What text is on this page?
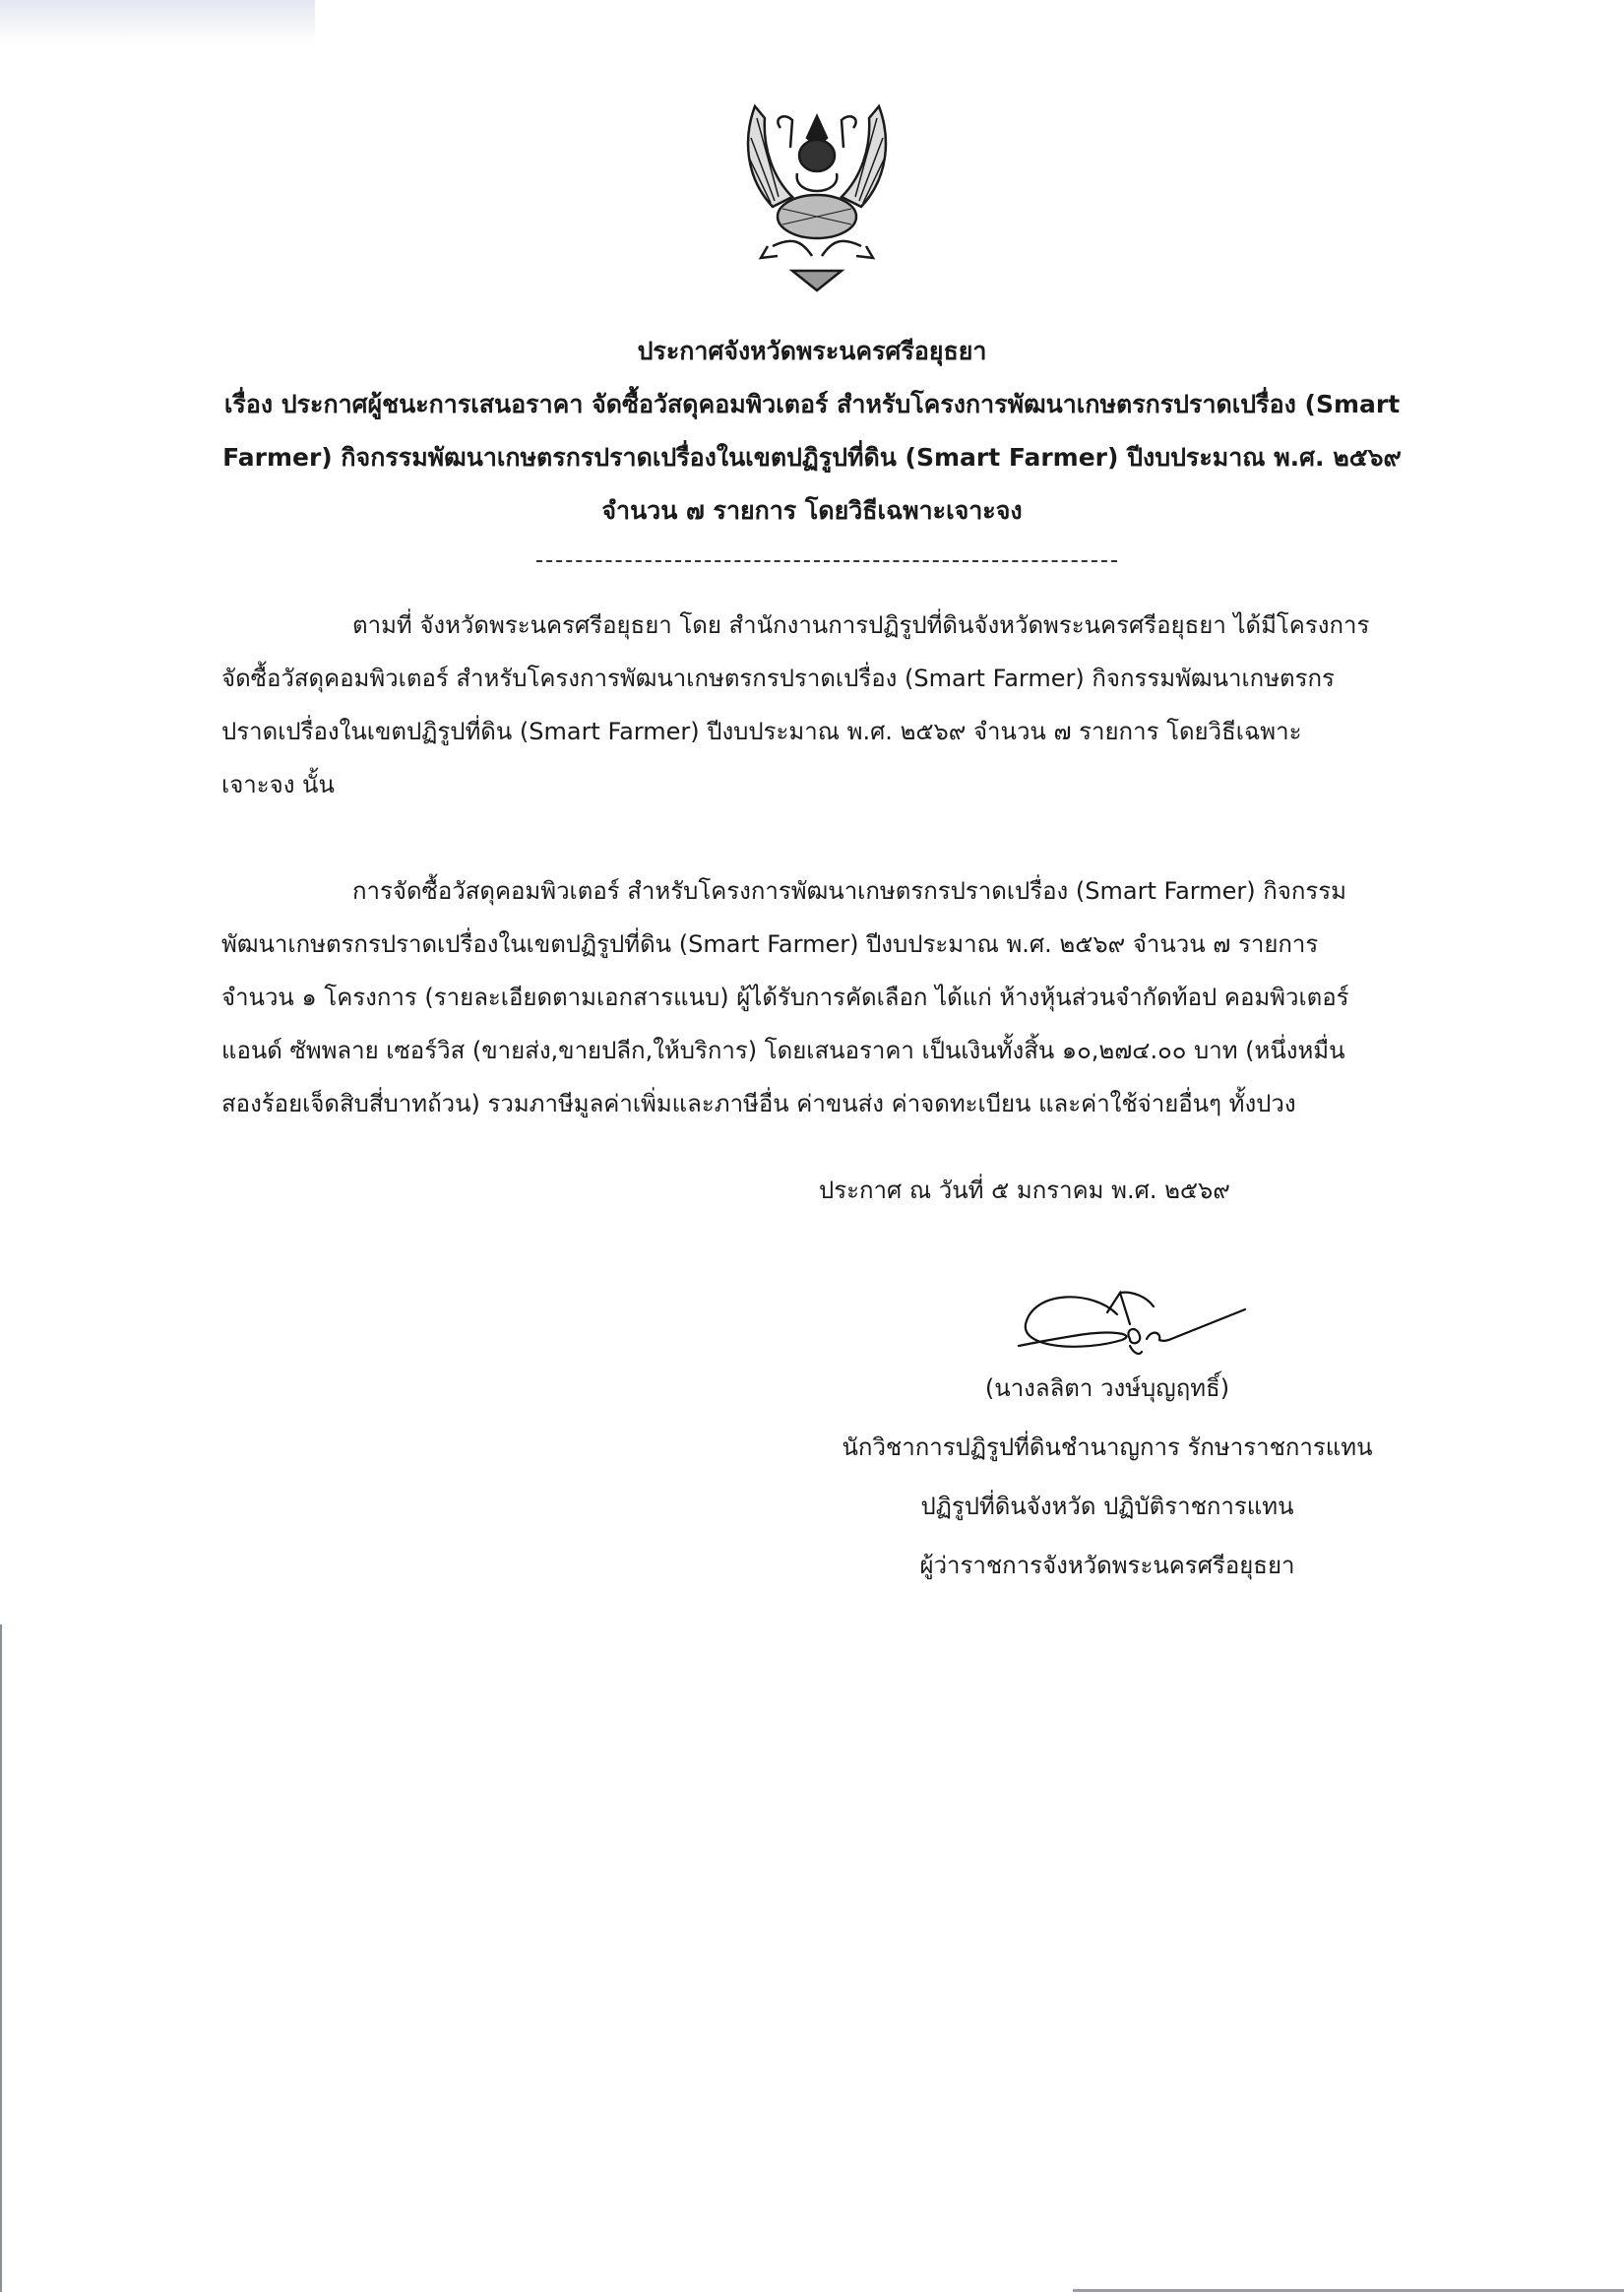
ประกาศจังหวัดพระนครศรีอยุธยา
เรื่อง ประกาศผู้ชนะการเสนอราคา จัดซื้อวัสดุคอมพิวเตอร์ สำหรับโครงการพัฒนาเกษตรกรปราดเปรื่อง (Smart
Farmer) กิจกรรมพัฒนาเกษตรกรปราดเปรื่องในเขตปฏิรูปที่ดิน (Smart Farmer) ปีงบประมาณ พ.ศ. ๒๕๖๙
จำนวน ๗ รายการ โดยวิธีเฉพาะเจาะจง
ตามที่ จังหวัดพระนครศรีอยุธยา โดย สำนักงานการปฏิรูปที่ดินจังหวัดพระนครศรีอยุธยา ได้มีโครงการ
จัดซื้อวัสดุคอมพิวเตอร์ สำหรับโครงการพัฒนาเกษตรกรปราดเปรื่อง (Smart Farmer) กิจกรรมพัฒนาเกษตรกร
ปราดเปรื่องในเขตปฏิรูปที่ดิน (Smart Farmer) ปีงบประมาณ พ.ศ. ๒๕๖๙ จำนวน ๗ รายการ โดยวิธีเฉพาะ
เจาะจง นั้น
การจัดซื้อวัสดุคอมพิวเตอร์ สำหรับโครงการพัฒนาเกษตรกรปราดเปรื่อง (Smart Farmer) กิจกรรม
พัฒนาเกษตรกรปราดเปรื่องในเขตปฏิรูปที่ดิน (Smart Farmer) ปีงบประมาณ พ.ศ. ๒๕๖๙ จำนวน ๗ รายการ
จำนวน ๑ โครงการ (รายละเอียดตามเอกสารแนบ) ผู้ได้รับการคัดเลือก ได้แก่ ห้างหุ้นส่วนจำกัดท้อป คอมพิวเตอร์
แอนด์ ซัพพลาย เซอร์วิส (ขายส่ง,ขายปลีก,ให้บริการ) โดยเสนอราคา เป็นเงินทั้งสิ้น ๑๐,๒๗๔.๐๐ บาท (หนึ่งหมื่น
สองร้อยเจ็ดสิบสี่บาทถ้วน) รวมภาษีมูลค่าเพิ่มและภาษีอื่น ค่าขนส่ง ค่าจดทะเบียน และค่าใช้จ่ายอื่นๆ ทั้งปวง
ประกาศ ณ วันที่ ๕ มกราคม พ.ศ. ๒๕๖๙
(นางลลิตา วงษ์บุญฤทธิ์)
นักวิชาการปฏิรูปที่ดินชำนาญการ รักษาราชการแทน
ปฏิรูปที่ดินจังหวัด ปฏิบัติราชการแทน
ผู้ว่าราชการจังหวัดพระนครศรีอยุธยา
